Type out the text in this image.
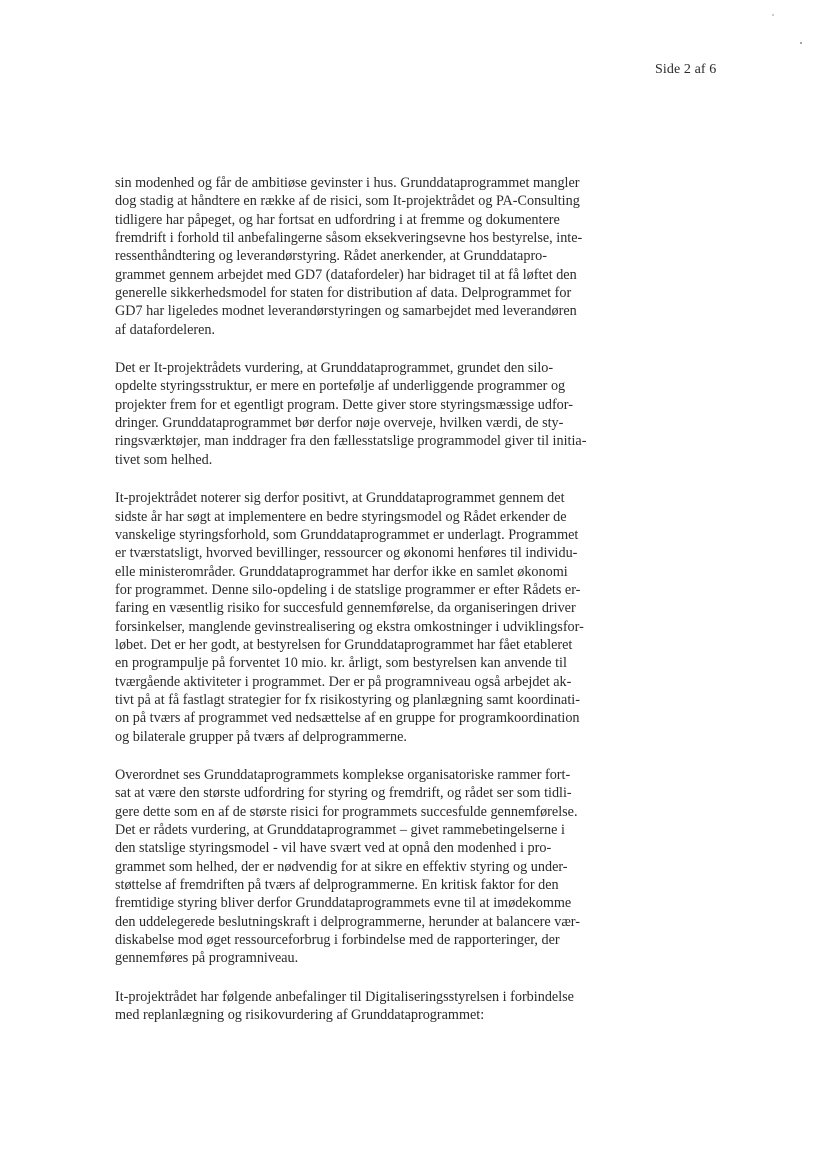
Side 2 af 6
sin modenhed og får de ambitiøse gevinster i hus. Grunddataprogrammet mangler
dog stadig at håndtere en række af de risici, som It-projektrådet og PA-Consulting
tidligere har påpeget, og har fortsat en udfordring i at fremme og dokumentere
fremdrift i forhold til anbefalingerne såsom eksekveringsevne hos bestyrelse, inte-
ressenthåndtering og leverandørstyring. Rådet anerkender, at Grunddatapro-
grammet gennem arbejdet med GD7 (datafordeler) har bidraget til at få løftet den
generelle sikkerhedsmodel for staten for distribution af data. Delprogrammet for
GD7 har ligeledes modnet leverandørstyringen og samarbejdet med leverandøren
af datafordeleren.
Det er It-projektrådets vurdering, at Grunddataprogrammet, grundet den silo-
opdelte styringsstruktur, er mere en portefølje af underliggende programmer og
projekter frem for et egentligt program. Dette giver store styringsmæssige udfor-
dringer. Grunddataprogrammet bør derfor nøje overveje, hvilken værdi, de sty-
ringsværktøjer, man inddrager fra den fællesstatslige programmodel giver til initia-
tivet som helhed.
It-projektrådet noterer sig derfor positivt, at Grunddataprogrammet gennem det
sidste år har søgt at implementere en bedre styringsmodel og Rådet erkender de
vanskelige styringsforhold, som Grunddataprogrammet er underlagt. Programmet
er tværstatsligt, hvorved bevillinger, ressourcer og økonomi henføres til individu-
elle ministerområder. Grunddataprogrammet har derfor ikke en samlet økonomi
for programmet. Denne silo-opdeling i de statslige programmer er efter Rådets er-
faring en væsentlig risiko for succesfuld gennemførelse, da organiseringen driver
forsinkelser, manglende gevinstrealisering og ekstra omkostninger i udviklingsfor-
løbet. Det er her godt, at bestyrelsen for Grunddataprogrammet har fået etableret
en programpulje på forventet 10 mio. kr. årligt, som bestyrelsen kan anvende til
tværgående aktiviteter i programmet. Der er på programniveau også arbejdet ak-
tivt på at få fastlagt strategier for fx risikostyring og planlægning samt koordinati-
on på tværs af programmet ved nedsættelse af en gruppe for programkoordination
og bilaterale grupper på tværs af delprogrammerne.
Overordnet ses Grunddataprogrammets komplekse organisatoriske rammer fort-
sat at være den største udfordring for styring og fremdrift, og rådet ser som tidli-
gere dette som en af de største risici for programmets succesfulde gennemførelse.
Det er rådets vurdering, at Grunddataprogrammet – givet rammebetingelserne i
den statslige styringsmodel - vil have svært ved at opnå den modenhed i pro-
grammet som helhed, der er nødvendig for at sikre en effektiv styring og under-
støttelse af fremdriften på tværs af delprogrammerne. En kritisk faktor for den
fremtidige styring bliver derfor Grunddataprogrammets evne til at imødekomme
den uddelegerede beslutningskraft i delprogrammerne, herunder at balancere vær-
diskabelse mod øget ressourceforbrug i forbindelse med de rapporteringer, der
gennemføres på programniveau.
It-projektrådet har følgende anbefalinger til Digitaliseringsstyrelsen i forbindelse
med replanlægning og risikovurdering af Grunddataprogrammet:
